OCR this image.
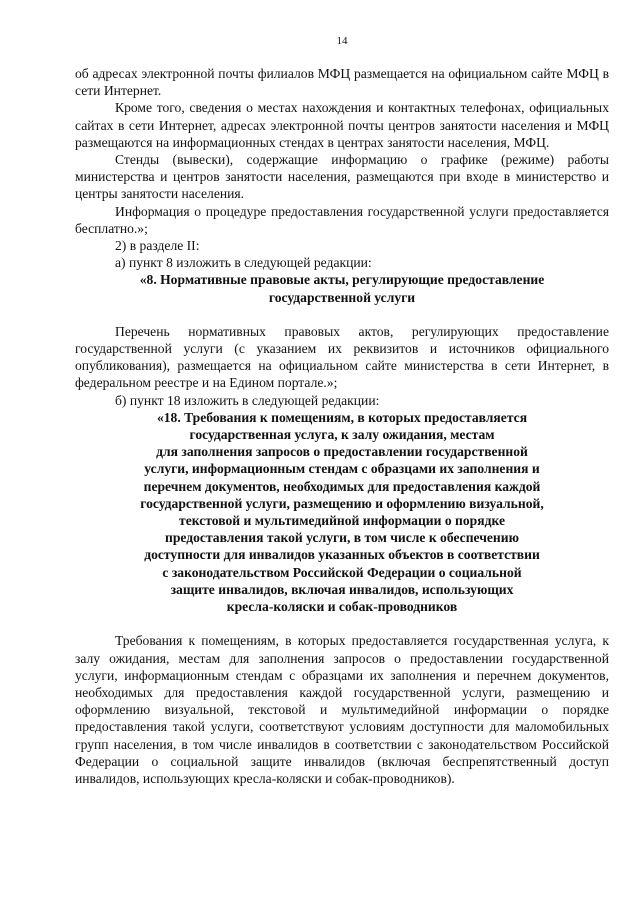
14

об адресах электронной почты филиалов МФЦ размещается на официальном сайте МФЦ в сети Интернет.

Кроме того, сведения о местах нахождения и контактных телефонах, официальных сайтах в сети Интернет, адресах электронной почты центров занятости населения и МФЦ размещаются на информационных стендах в центрах занятости населения, МФЦ.

Стенды (вывески), содержащие информацию о графике (режиме) работы министерства и центров занятости населения, размещаются при входе в министерство и центры занятости населения.

Информация о процедуре предоставления государственной услуги предоставляется бесплатно.»;

2) в разделе II:

а) пункт 8 изложить в следующей редакции:

«8. Нормативные правовые акты, регулирующие предоставление
государственной услуги

Перечень нормативных правовых актов, регулирующих предоставление государственной услуги (с указанием их реквизитов и источников официального опубликования), размещается на официальном сайте министерства в сети Интернет, в федеральном реестре и на Едином портале.»;

б) пункт 18 изложить в следующей редакции:

«18. Требования к помещениям, в которых предоставляется
государственная услуга, к залу ожидания, местам
для заполнения запросов о предоставлении государственной
услуги, информационным стендам с образцами их заполнения и
перечнем документов, необходимых для предоставления каждой
государственной услуги, размещению и оформлению визуальной,
текстовой и мультимедийной информации о порядке
предоставления такой услуги, в том числе к обеспечению
доступности для инвалидов указанных объектов в соответствии
с законодательством Российской Федерации о социальной
защите инвалидов, включая инвалидов, использующих
кресла-коляски и собак-проводников

Требования к помещениям, в которых предоставляется государственная услуга, к залу ожидания, местам для заполнения запросов о предоставлении государственной услуги, информационным стендам с образцами их заполнения и перечнем документов, необходимых для предоставления каждой государственной услуги, размещению и оформлению визуальной, текстовой и мультимедийной информации о порядке предоставления такой услуги, соответствуют условиям доступности для маломобильных групп населения, в том числе инвалидов в соответствии с законодательством Российской Федерации о социальной защите инвалидов (включая беспрепятственный доступ инвалидов, использующих кресла-коляски и собак-проводников).
